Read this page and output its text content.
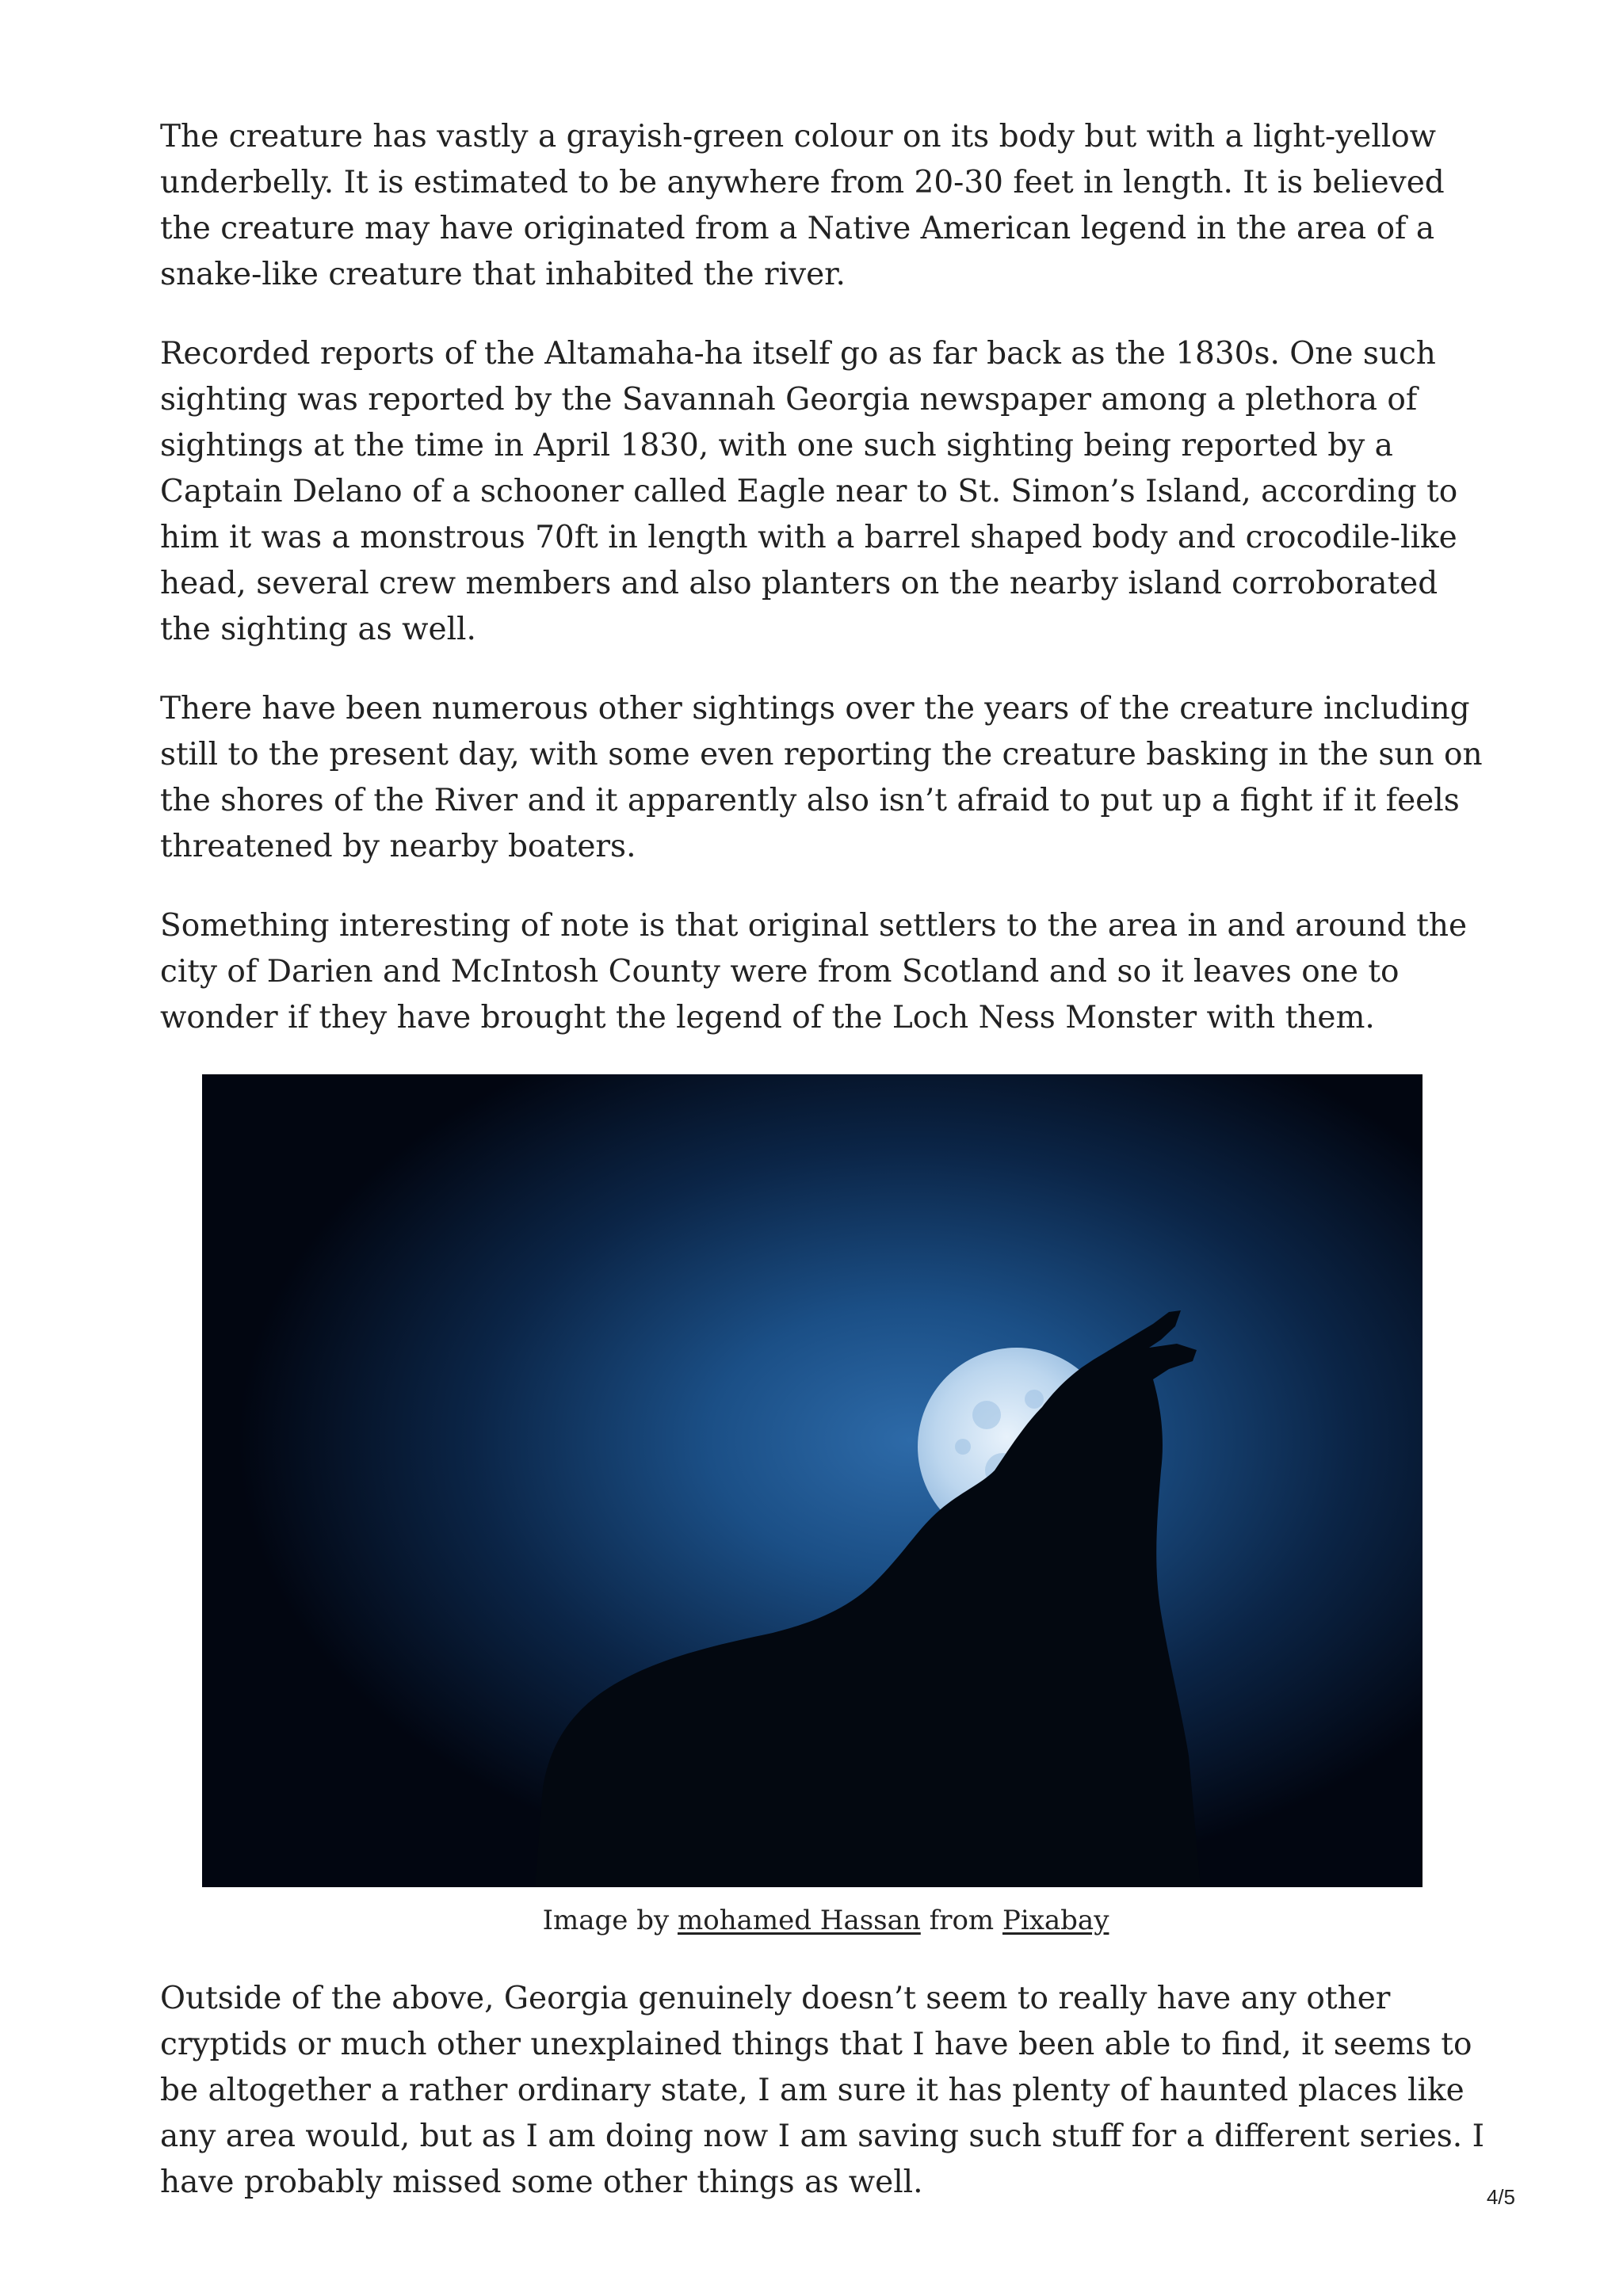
The creature has vastly a grayish-green colour on its body but with a light-yellow underbelly. It is estimated to be anywhere from 20-30 feet in length. It is believed the creature may have originated from a Native American legend in the area of a snake-like creature that inhabited the river.

Recorded reports of the Altamaha-ha itself go as far back as the 1830s. One such sighting was reported by the Savannah Georgia newspaper among a plethora of sightings at the time in April 1830, with one such sighting being reported by a Captain Delano of a schooner called Eagle near to St. Simon’s Island, according to him it was a monstrous 70ft in length with a barrel shaped body and crocodile-like head, several crew members and also planters on the nearby island corroborated the sighting as well.

There have been numerous other sightings over the years of the creature including still to the present day, with some even reporting the creature basking in the sun on the shores of the River and it apparently also isn’t afraid to put up a fight if it feels threatened by nearby boaters.

Something interesting of note is that original settlers to the area in and around the city of Darien and McIntosh County were from Scotland and so it leaves one to wonder if they have brought the legend of the Loch Ness Monster with them.

Image by mohamed Hassan from Pixabay

Outside of the above, Georgia genuinely doesn’t seem to really have any other cryptids or much other unexplained things that I have been able to find, it seems to be altogether a rather ordinary state, I am sure it has plenty of haunted places like any area would, but as I am doing now I am saving such stuff for a different series. I have probably missed some other things as well.	4/5
